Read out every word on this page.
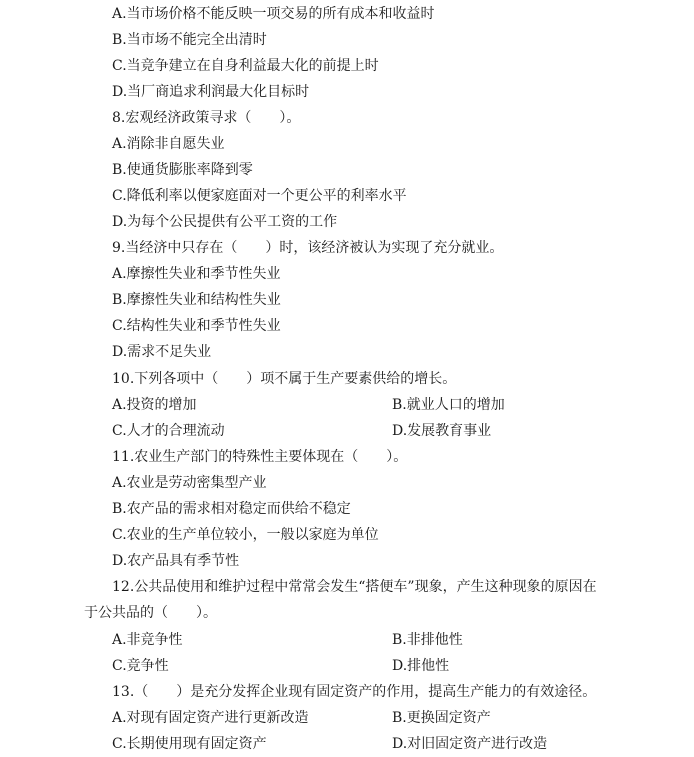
A.当市场价格不能反映一项交易的所有成本和收益时
B.当市场不能完全出清时
C.当竞争建立在自身利益最大化的前提上时
D.当厂商追求利润最大化目标时
8.宏观经济政策寻求（　　）。
A.消除非自愿失业
B.使通货膨胀率降到零
C.降低利率以便家庭面对一个更公平的利率水平
D.为每个公民提供有公平工资的工作
9.当经济中只存在（　　）时，该经济被认为实现了充分就业。
A.摩擦性失业和季节性失业
B.摩擦性失业和结构性失业
C.结构性失业和季节性失业
D.需求不足失业
10.下列各项中（　　）项不属于生产要素供给的增长。
A.投资的增加	B.就业人口的增加
C.人才的合理流动	D.发展教育事业
11.农业生产部门的特殊性主要体现在（　　）。
A.农业是劳动密集型产业
B.农产品的需求相对稳定而供给不稳定
C.农业的生产单位较小，一般以家庭为单位
D.农产品具有季节性
12.公共品使用和维护过程中常常会发生“搭便车”现象，产生这种现象的原因在
于公共品的（　　）。
A.非竞争性	B.非排他性
C.竞争性	D.排他性
13.（　　）是充分发挥企业现有固定资产的作用，提高生产能力的有效途径。
A.对现有固定资产进行更新改造	B.更换固定资产
C.长期使用现有固定资产	D.对旧固定资产进行改造
